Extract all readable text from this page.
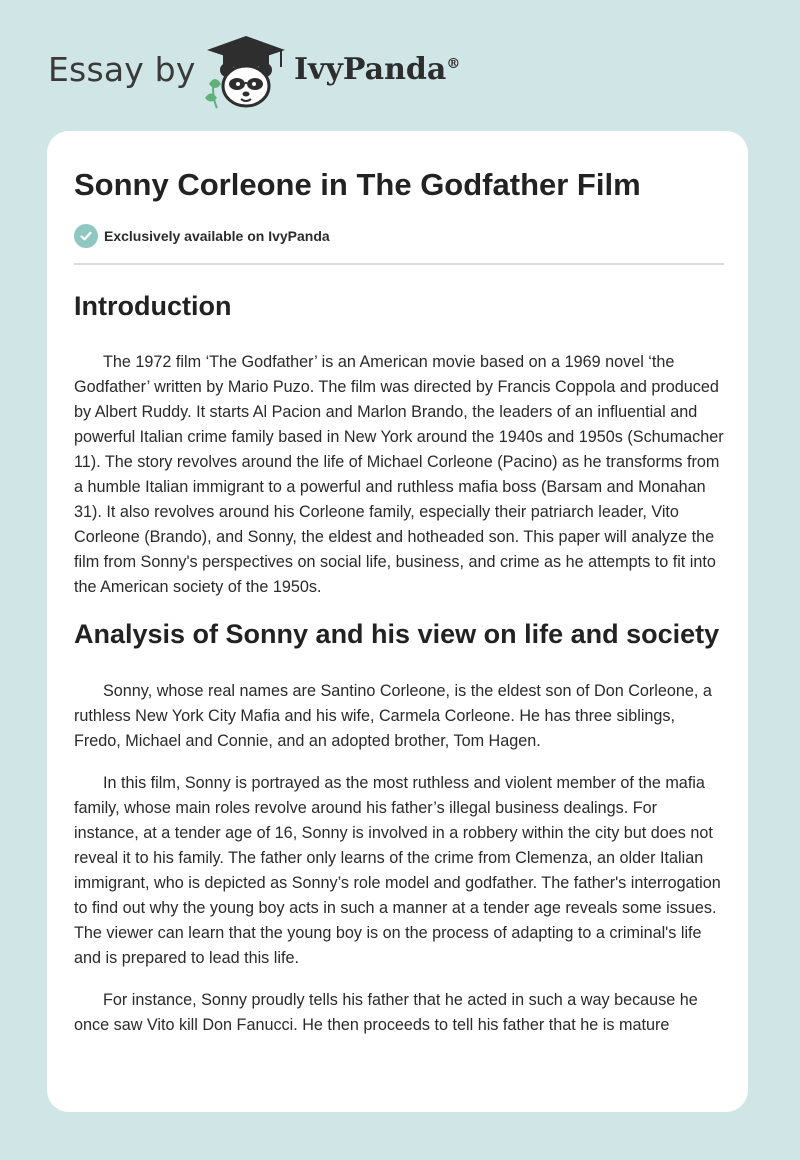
Essay by	IvyPanda®
Sonny Corleone in The Godfather Film
Exclusively available on IvyPanda
Introduction

The 1972 film ‘The Godfather’ is an American movie based on a 1969 novel ‘the Godfather’ written by Mario Puzo. The film was directed by Francis Coppola and produced by Albert Ruddy. It starts Al Pacion and Marlon Brando, the leaders of an influential and powerful Italian crime family based in New York around the 1940s and 1950s (Schumacher 11). The story revolves around the life of Michael Corleone (Pacino) as he transforms from a humble Italian immigrant to a powerful and ruthless mafia boss (Barsam and Monahan 31). It also revolves around his Corleone family, especially their patriarch leader, Vito Corleone (Brando), and Sonny, the eldest and hotheaded son. This paper will analyze the film from Sonny's perspectives on social life, business, and crime as he attempts to fit into the American society of the 1950s.

Analysis of Sonny and his view on life and society

Sonny, whose real names are Santino Corleone, is the eldest son of Don Corleone, a ruthless New York City Mafia and his wife, Carmela Corleone. He has three siblings, Fredo, Michael and Connie, and an adopted brother, Tom Hagen.

In this film, Sonny is portrayed as the most ruthless and violent member of the mafia family, whose main roles revolve around his father’s illegal business dealings. For instance, at a tender age of 16, Sonny is involved in a robbery within the city but does not reveal it to his family. The father only learns of the crime from Clemenza, an older Italian immigrant, who is depicted as Sonny’s role model and godfather. The father's interrogation to find out why the young boy acts in such a manner at a tender age reveals some issues. The viewer can learn that the young boy is on the process of adapting to a criminal's life and is prepared to lead this life.

For instance, Sonny proudly tells his father that he acted in such a way because he once saw Vito kill Don Fanucci. He then proceeds to tell his father that he is mature
